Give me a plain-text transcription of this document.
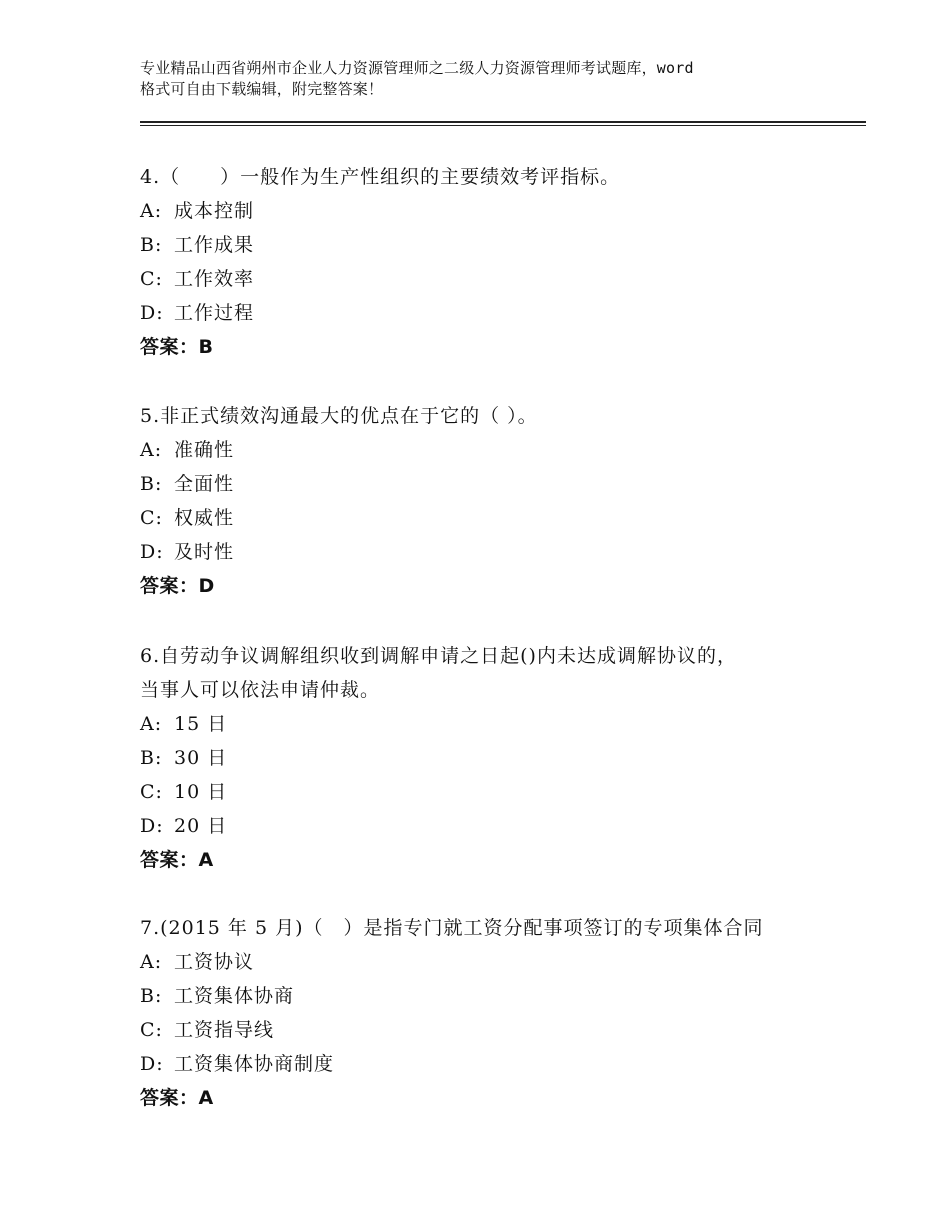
专业精品山西省朔州市企业人力资源管理师之二级人力资源管理师考试题库，word
格式可自由下载编辑，附完整答案！
4.（　　）一般作为生产性组织的主要绩效考评指标。
A: 成本控制
B: 工作成果
C: 工作效率
D: 工作过程
答案：B
5.非正式绩效沟通最大的优点在于它的（ ）。
A: 准确性
B: 全面性
C: 权威性
D: 及时性
答案：D
6.自劳动争议调解组织收到调解申请之日起()内未达成调解协议的，
当事人可以依法申请仲裁。
A: 15 日
B: 30 日
C: 10 日
D: 20 日
答案：A
7.(2015 年 5 月)（　）是指专门就工资分配事项签订的专项集体合同
A: 工资协议
B: 工资集体协商
C: 工资指导线
D: 工资集体协商制度
答案：A
